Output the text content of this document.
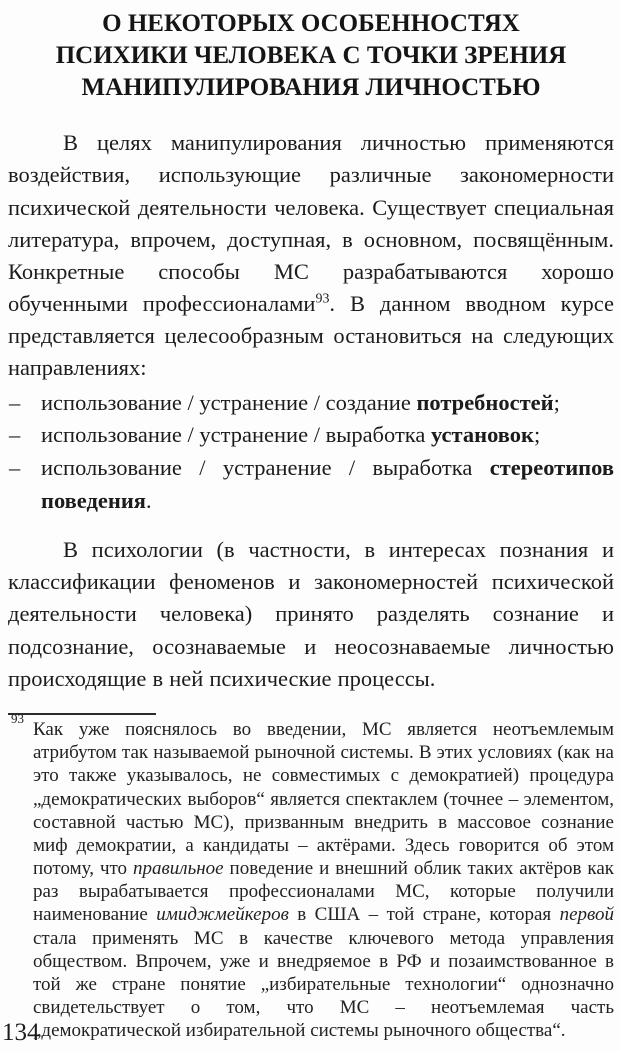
О НЕКОТОРЫХ ОСОБЕННОСТЯХ
ПСИХИКИ ЧЕЛОВЕКА С ТОЧКИ ЗРЕНИЯ
МАНИПУЛИРОВАНИЯ ЛИЧНОСТЬЮ

В целях манипулирования личностью применяются воздействия, использующие различные закономерности психической деятельности человека. Существует специальная литература, впрочем, доступная, в основном, посвящённым. Конкретные способы МС разрабатываются хорошо обученными профессионалами$^{93}$. В данном вводном курсе представляется целесообразным остановиться на следующих направлениях:

– использование / устранение / создание потребностей;
– использование / устранение / выработка установок;
– использование / устранение / выработка стереотипов поведения.

В психологии (в частности, в интересах познания и классификации феноменов и закономерностей психической деятельности человека) принято разделять сознание и подсознание, осознаваемые и неосознаваемые личностью происходящие в ней психические процессы.

93
Как уже пояснялось во введении, МС является неотъемлемым атрибутом так называемой рыночной системы. В этих условиях (как на это также указывалось, не совместимых с демократией) процедура „демократических выборов“ является спектаклем (точнее – элементом, составной частью МС), призванным внедрить в массовое сознание миф демократии, а кандидаты – актёрами. Здесь говорится об этом потому, что правильное поведение и внешний облик таких актёров как раз вырабатывается профессионалами МС, которые получили наименование имиджмейкеров в США – той стране, которая первой стала применять МС в качестве ключевого метода управления обществом. Впрочем, уже и внедряемое в РФ и позаимствованное в той же стране понятие „избирательные технологии“ однозначно свидетельствует о том, что МС – неотъемлемая часть „демократической избирательной системы рыночного общества“.

134
